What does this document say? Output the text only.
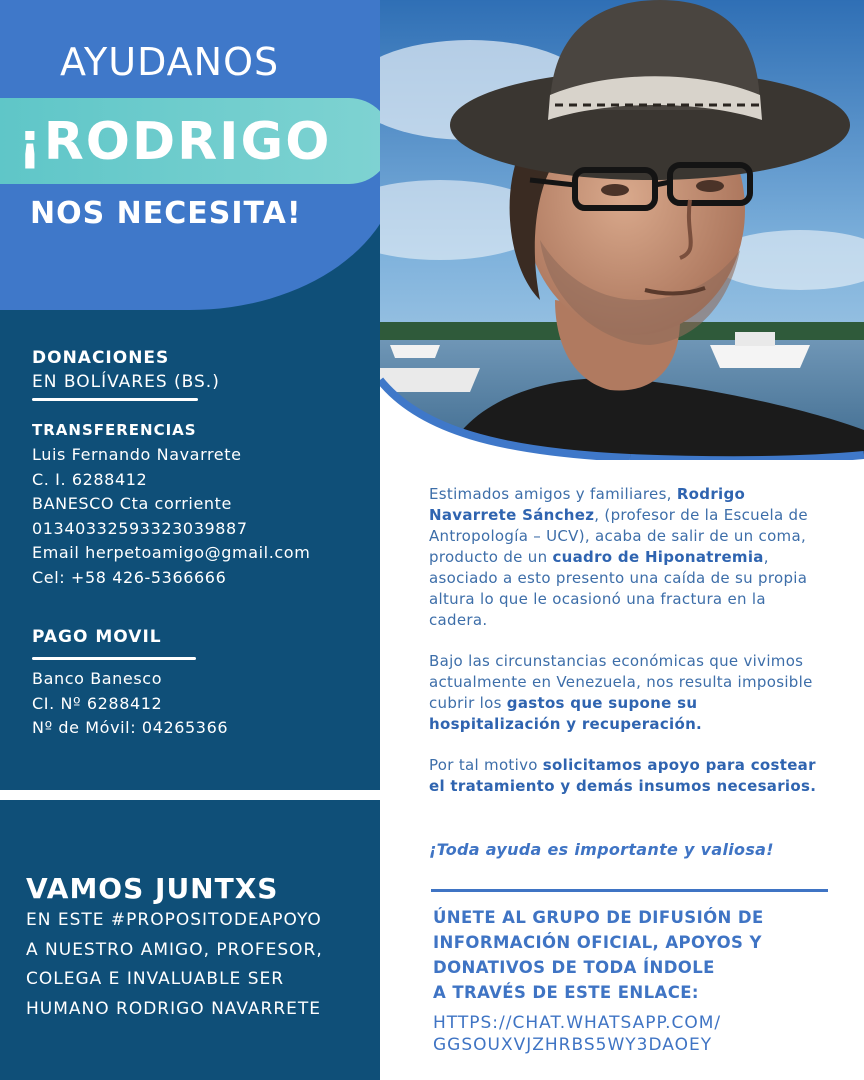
AYUDANOS
¡RODRIGO
NOS NECESITA!
DONACIONES
EN BOLÍVARES (BS.)
TRANSFERENCIAS
Luis Fernando Navarrete
C. I. 6288412
BANESCO Cta corriente
01340332593323039887
Email herpetoamigo@gmail.com
Cel: +58 426-5366666
PAGO MOVIL
Banco Banesco
CI. Nº 6288412
Nº de Móvil: 04265366
VAMOS JUNTXS
EN ESTE #PROPOSITODEAPOYO
A NUESTRO AMIGO, PROFESOR,
COLEGA E INVALUABLE SER
HUMANO RODRIGO NAVARRETE

Estimados amigos y familiares, Rodrigo Navarrete Sánchez, (profesor de la Escuela de Antropología – UCV), acaba de salir de un coma, producto de un cuadro de Hiponatremia, asociado a esto presento una caída de su propia altura lo que le ocasionó una fractura en la cadera.

Bajo las circunstancias económicas que vivimos actualmente en Venezuela, nos resulta imposible cubrir los gastos que supone su hospitalización y recuperación.

Por tal motivo solicitamos apoyo para costear el tratamiento y demás insumos necesarios.

¡Toda ayuda es importante y valiosa!
ÚNETE AL GRUPO DE DIFUSIÓN DE
INFORMACIÓN OFICIAL, APOYOS Y
DONATIVOS DE TODA ÍNDOLE
A TRAVÉS DE ESTE ENLACE:
HTTPS://CHAT.WHATSAPP.COM/
GGSOUXVJZHRBS5WY3DAOEY
